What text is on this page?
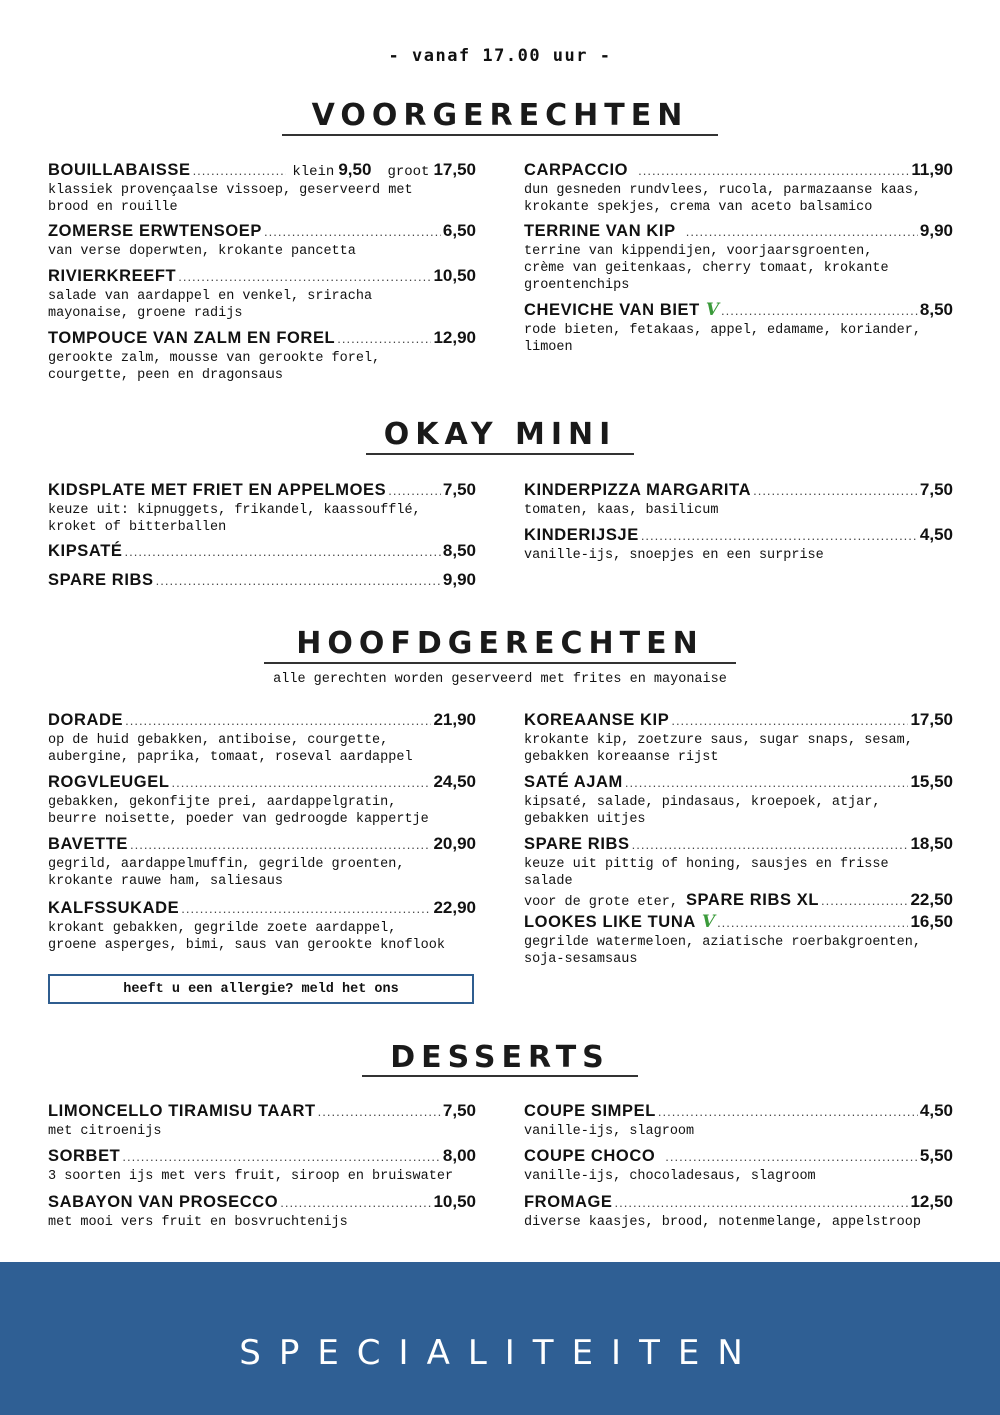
- vanaf 17.00 uur -
VOORGERECHTEN
BOUILLABAISSE .....	klein 9,50 groot 17,50
klassiek provençaalse vissoep, geserveerd met
brood en rouille
ZOMERSE ERWTENSOEP .....	6,50
van verse doperwten, krokante pancetta
RIVIERKREEFT .....	10,50
salade van aardappel en venkel, sriracha
mayonaise, groene radijs
TOMPOUCE VAN ZALM EN FOREL .....	12,90
gerookte zalm, mousse van gerookte forel,
courgette, peen en dragonsaus
CARPACCIO .....	11,90
dun gesneden rundvlees, rucola, parmazaanse kaas,
krokante spekjes, crema van aceto balsamico
TERRINE VAN KIP .....	9,90
terrine van kippendijen, voorjaarsgroenten,
crème van geitenkaas, cherry tomaat, krokante
groentenchips
CHEVICHE VAN BIET V .....	8,50
rode bieten, fetakaas, appel, edamame, koriander,
limoen
OKAY MINI
KIDSPLATE MET FRIET EN APPELMOES .....	7,50
keuze uit: kipnuggets, frikandel, kaassoufflé,
kroket of bitterballen
KIPSATÉ .....	8,50
SPARE RIBS .....	9,90
KINDERPIZZA MARGARITA .....	7,50
tomaten, kaas, basilicum
KINDERIJSJE .....	4,50
vanille-ijs, snoepjes en een surprise
HOOFDGERECHTEN
alle gerechten worden geserveerd met frites en mayonaise
DORADE .....	21,90
op de huid gebakken, antiboise, courgette,
aubergine, paprika, tomaat, roseval aardappel
ROGVLEUGEL .....	24,50
gebakken, gekonfijte prei, aardappelgratin,
beurre noisette, poeder van gedroogde kappertje
BAVETTE .....	20,90
gegrild, aardappelmuffin, gegrilde groenten,
krokante rauwe ham, saliesaus
KALFSSUKADE .....	22,90
krokant gebakken, gegrilde zoete aardappel,
groene asperges, bimi, saus van gerookte knoflook
KOREAANSE KIP .....	17,50
krokante kip, zoetzure saus, sugar snaps, sesam,
gebakken koreaanse rijst
SATÉ AJAM .....	15,50
kipsaté, salade, pindasaus, kroepoek, atjar,
gebakken uitjes
SPARE RIBS .....	18,50
keuze uit pittig of honing, sausjes en frisse
salade
voor de grote eter, SPARE RIBS XL .....	22,50
LOOKES LIKE TUNA V .....	16,50
gegrilde watermeloen, aziatische roerbakgroenten,
soja-sesamsaus
heeft u een allergie? meld het ons
DESSERTS
LIMONCELLO TIRAMISU TAART .....	7,50
met citroenijs
SORBET .....	8,00
3 soorten ijs met vers fruit, siroop en bruiswater
SABAYON VAN PROSECCO .....	10,50
met mooi vers fruit en bosvruchtenijs
COUPE SIMPEL .....	4,50
vanille-ijs, slagroom
COUPE CHOCO .....	5,50
vanille-ijs, chocoladesaus, slagroom
FROMAGE .....	12,50
diverse kaasjes, brood, notenmelange, appelstroop
SPECIALITEITEN
